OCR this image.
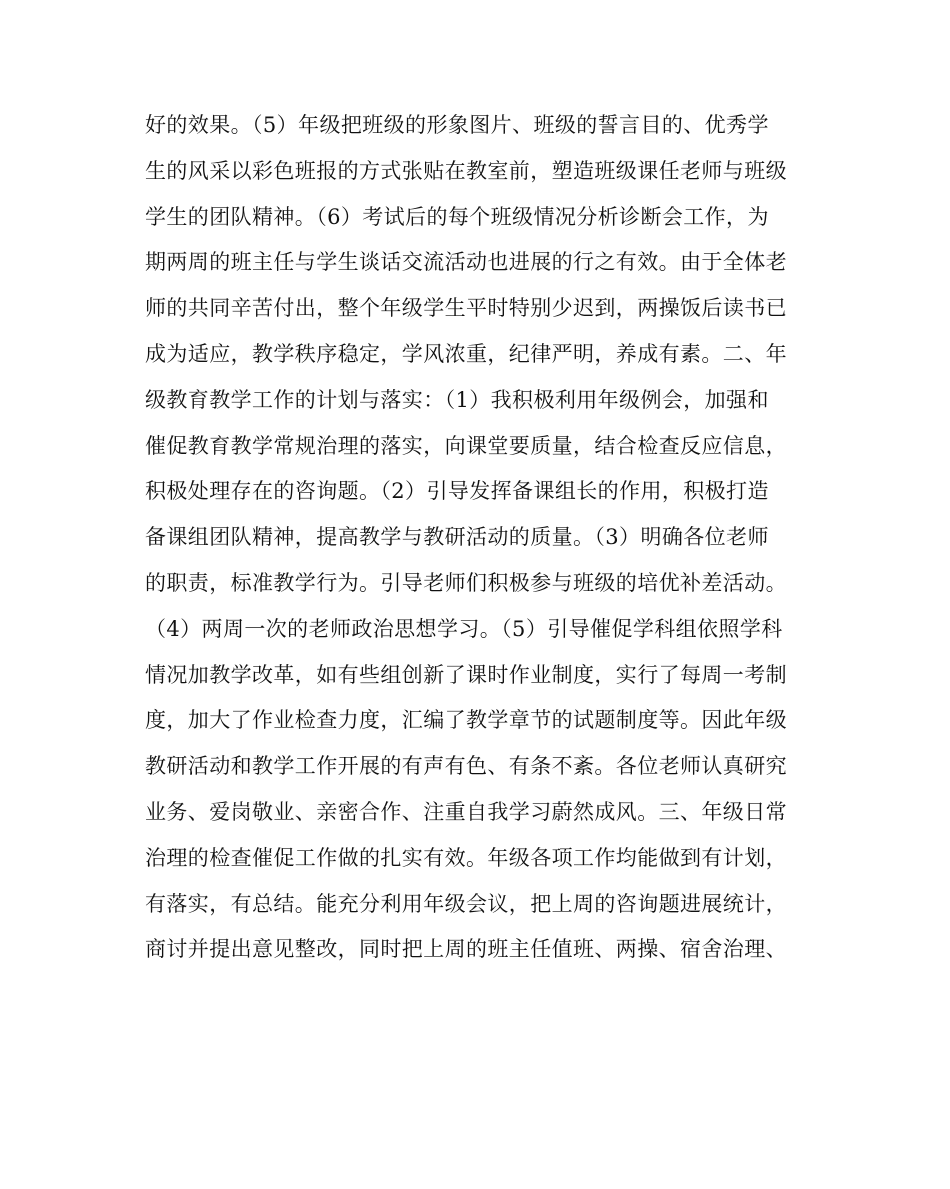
好的效果。（5）年级把班级的形象图片、班级的誓言目的、优秀学
生的风采以彩色班报的方式张贴在教室前，塑造班级课任老师与班级
学生的团队精神。（6）考试后的每个班级情况分析诊断会工作，为
期两周的班主任与学生谈话交流活动也进展的行之有效。由于全体老
师的共同辛苦付出，整个年级学生平时特别少迟到，两操饭后读书已
成为适应，教学秩序稳定，学风浓重，纪律严明，养成有素。二、年
级教育教学工作的计划与落实：（1）我积极利用年级例会，加强和
催促教育教学常规治理的落实，向课堂要质量，结合检查反应信息，
积极处理存在的咨询题。（2）引导发挥备课组长的作用，积极打造
备课组团队精神，提高教学与教研活动的质量。（3）明确各位老师
的职责，标准教学行为。引导老师们积极参与班级的培优补差活动。
（4）两周一次的老师政治思想学习。（5）引导催促学科组依照学科
情况加教学改革，如有些组创新了课时作业制度，实行了每周一考制
度，加大了作业检查力度，汇编了教学章节的试题制度等。因此年级
教研活动和教学工作开展的有声有色、有条不紊。各位老师认真研究
业务、爱岗敬业、亲密合作、注重自我学习蔚然成风。三、年级日常
治理的检查催促工作做的扎实有效。年级各项工作均能做到有计划，
有落实，有总结。能充分利用年级会议，把上周的咨询题进展统计，
商讨并提出意见整改，同时把上周的班主任值班、两操、宿舍治理、
